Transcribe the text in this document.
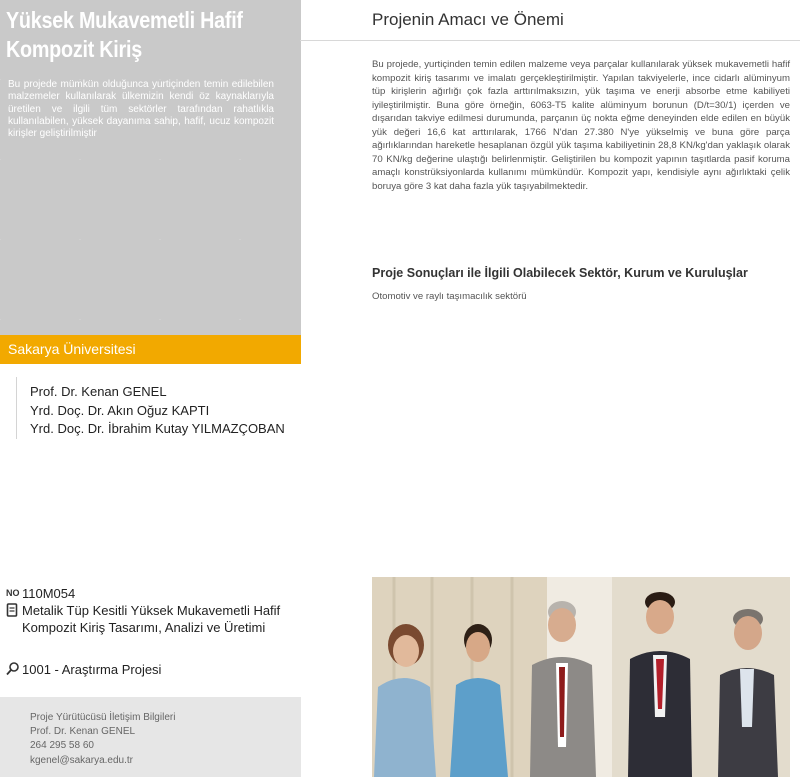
Yüksek Mukavemetli Hafif Kompozit Kiriş

Bu projede mümkün olduğunca yurtiçinden temin edilebilen malzemeler kullanılarak ülkemizin kendi öz kaynaklarıyla üretilen ve ilgili tüm sektörler tarafından rahatlıkla kullanılabilen, yüksek dayanıma sahip, hafif, ucuz kompozit kirişler geliştirilmiştir

Sakarya Üniversitesi
Prof. Dr. Kenan GENEL
Yrd. Doç. Dr. Akın Oğuz KAPTI
Yrd. Doç. Dr. İbrahim Kutay YILMAZÇOBAN
Projenin Amacı ve Önemi

Bu projede, yurtiçinden temin edilen malzeme veya parçalar kullanılarak yüksek mukavemetli hafif kompozit kiriş tasarımı ve imalatı gerçekleştirilmiştir. Yapılan takviyelerle, ince cidarlı alüminyum tüp kirişlerin ağırlığı çok fazla arttırılmaksızın, yük taşıma ve enerji absorbe etme kabiliyeti iyileştirilmiştir. Buna göre örneğin, 6063-T5 kalite alüminyum borunun (D/t=30/1) içerden ve dışarıdan takviye edilmesi durumunda, parçanın üç nokta eğme deneyinden elde edilen en büyük yük değeri 16,6 kat arttırılarak, 1766 N'dan 27.380 N'ye yükselmiş ve buna göre parça ağırlıklarından hareketle hesaplanan özgül yük taşıma kabiliyetinin 28,8 KN/kg'dan yaklaşık olarak 70 KN/kg değerine ulaştığı belirlenmiştir. Geliştirilen bu kompozit yapının taşıtlarda pasif koruma amaçlı konstrüksiyonlarda kullanımı mümkündür. Kompozit yapı, kendisiyle aynı ağırlıktaki çelik boruya göre 3 kat daha fazla yük taşıyabilmektedir.

Proje Sonuçları ile İlgili Olabilecek Sektör, Kurum ve Kuruluşlar
Otomotiv ve raylı taşımacılık sektörü
NO 110M054
Metalik Tüp Kesitli Yüksek Mukavemetli Hafif Kompozit Kiriş Tasarımı, Analizi ve Üretimi
1001 - Araştırma Projesi
Proje Yürütücüsü İletişim Bilgileri
Prof. Dr. Kenan GENEL
264 295 58 60
kgenel@sakarya.edu.tr
